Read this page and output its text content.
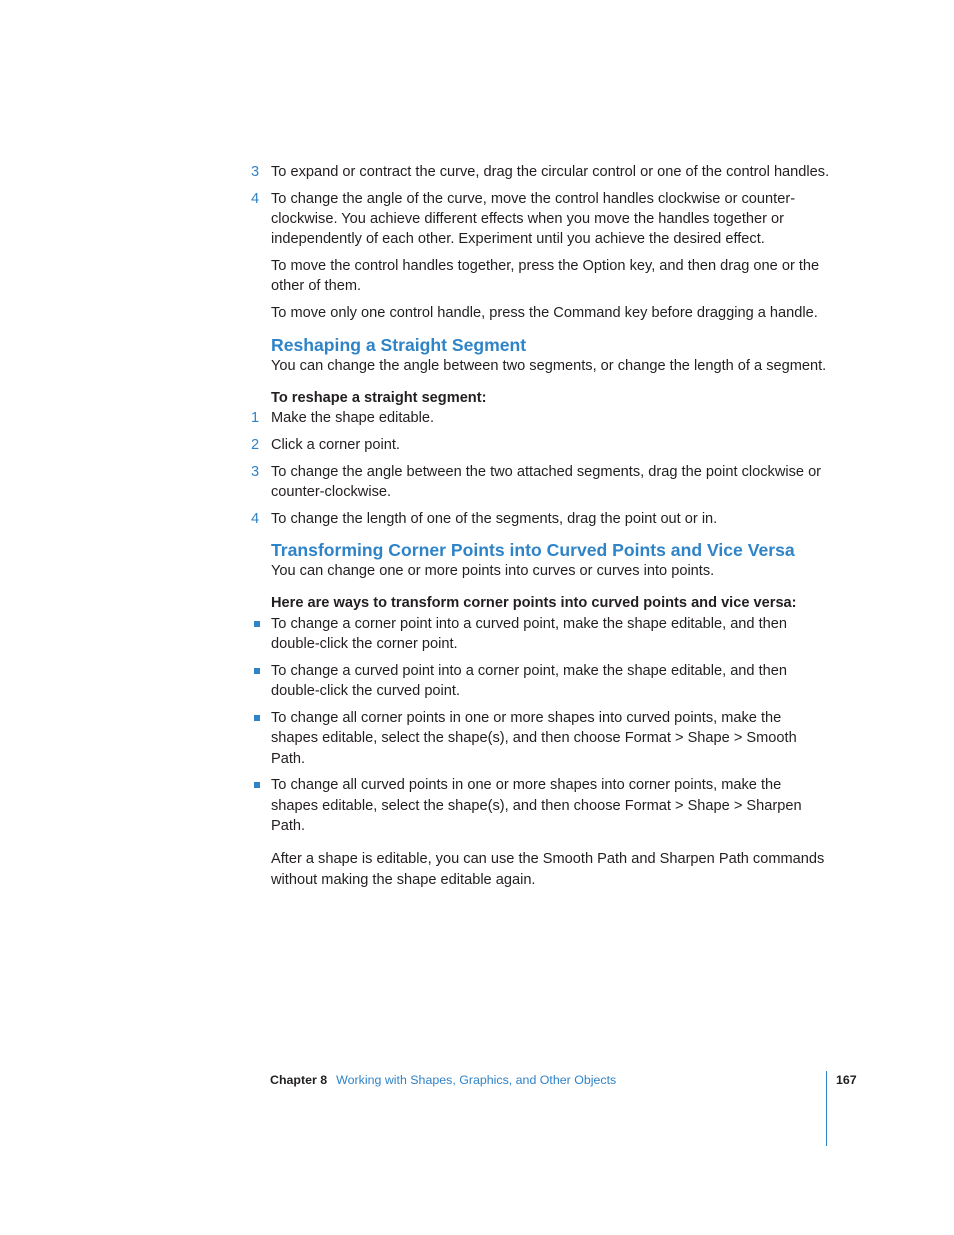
3 To expand or contract the curve, drag the circular control or one of the control handles.
4 To change the angle of the curve, move the control handles clockwise or counter-clockwise. You achieve different effects when you move the handles together or independently of each other. Experiment until you achieve the desired effect.

To move the control handles together, press the Option key, and then drag one or the other of them.

To move only one control handle, press the Command key before dragging a handle.

Reshaping a Straight Segment

You can change the angle between two segments, or change the length of a segment.

To reshape a straight segment:
1 Make the shape editable.
2 Click a corner point.
3 To change the angle between the two attached segments, drag the point clockwise or counter-clockwise.
4 To change the length of one of the segments, drag the point out or in.
Transforming Corner Points into Curved Points and Vice Versa

You can change one or more points into curves or curves into points.

Here are ways to transform corner points into curved points and vice versa:
To change a corner point into a curved point, make the shape editable, and then double-click the corner point.
To change a curved point into a corner point, make the shape editable, and then double-click the curved point.
To change all corner points in one or more shapes into curved points, make the shapes editable, select the shape(s), and then choose Format > Shape > Smooth Path.
To change all curved points in one or more shapes into corner points, make the shapes editable, select the shape(s), and then choose Format > Shape > Sharpen Path.

After a shape is editable, you can use the Smooth Path and Sharpen Path commands without making the shape editable again.

Chapter 8 Working with Shapes, Graphics, and Other Objects	167
